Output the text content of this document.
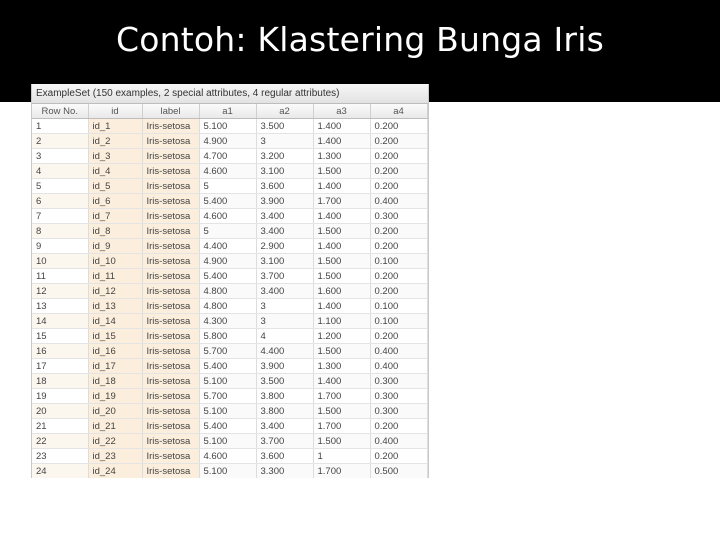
Contoh: Klastering Bunga Iris
ExampleSet (150 examples, 2 special attributes, 4 regular attributes)
Row No.	id	label	a1	a2	a3	a4
1	id_1	Iris-setosa	5.100	3.500	1.400	0.200
2	id_2	Iris-setosa	4.900	3	1.400	0.200
3	id_3	Iris-setosa	4.700	3.200	1.300	0.200
4	id_4	Iris-setosa	4.600	3.100	1.500	0.200
5	id_5	Iris-setosa	5	3.600	1.400	0.200
6	id_6	Iris-setosa	5.400	3.900	1.700	0.400
7	id_7	Iris-setosa	4.600	3.400	1.400	0.300
8	id_8	Iris-setosa	5	3.400	1.500	0.200
9	id_9	Iris-setosa	4.400	2.900	1.400	0.200
10	id_10	Iris-setosa	4.900	3.100	1.500	0.100
11	id_11	Iris-setosa	5.400	3.700	1.500	0.200
12	id_12	Iris-setosa	4.800	3.400	1.600	0.200
13	id_13	Iris-setosa	4.800	3	1.400	0.100
14	id_14	Iris-setosa	4.300	3	1.100	0.100
15	id_15	Iris-setosa	5.800	4	1.200	0.200
16	id_16	Iris-setosa	5.700	4.400	1.500	0.400
17	id_17	Iris-setosa	5.400	3.900	1.300	0.400
18	id_18	Iris-setosa	5.100	3.500	1.400	0.300
19	id_19	Iris-setosa	5.700	3.800	1.700	0.300
20	id_20	Iris-setosa	5.100	3.800	1.500	0.300
21	id_21	Iris-setosa	5.400	3.400	1.700	0.200
22	id_22	Iris-setosa	5.100	3.700	1.500	0.400
23	id_23	Iris-setosa	4.600	3.600	1	0.200
24	id_24	Iris-setosa	5.100	3.300	1.700	0.500
